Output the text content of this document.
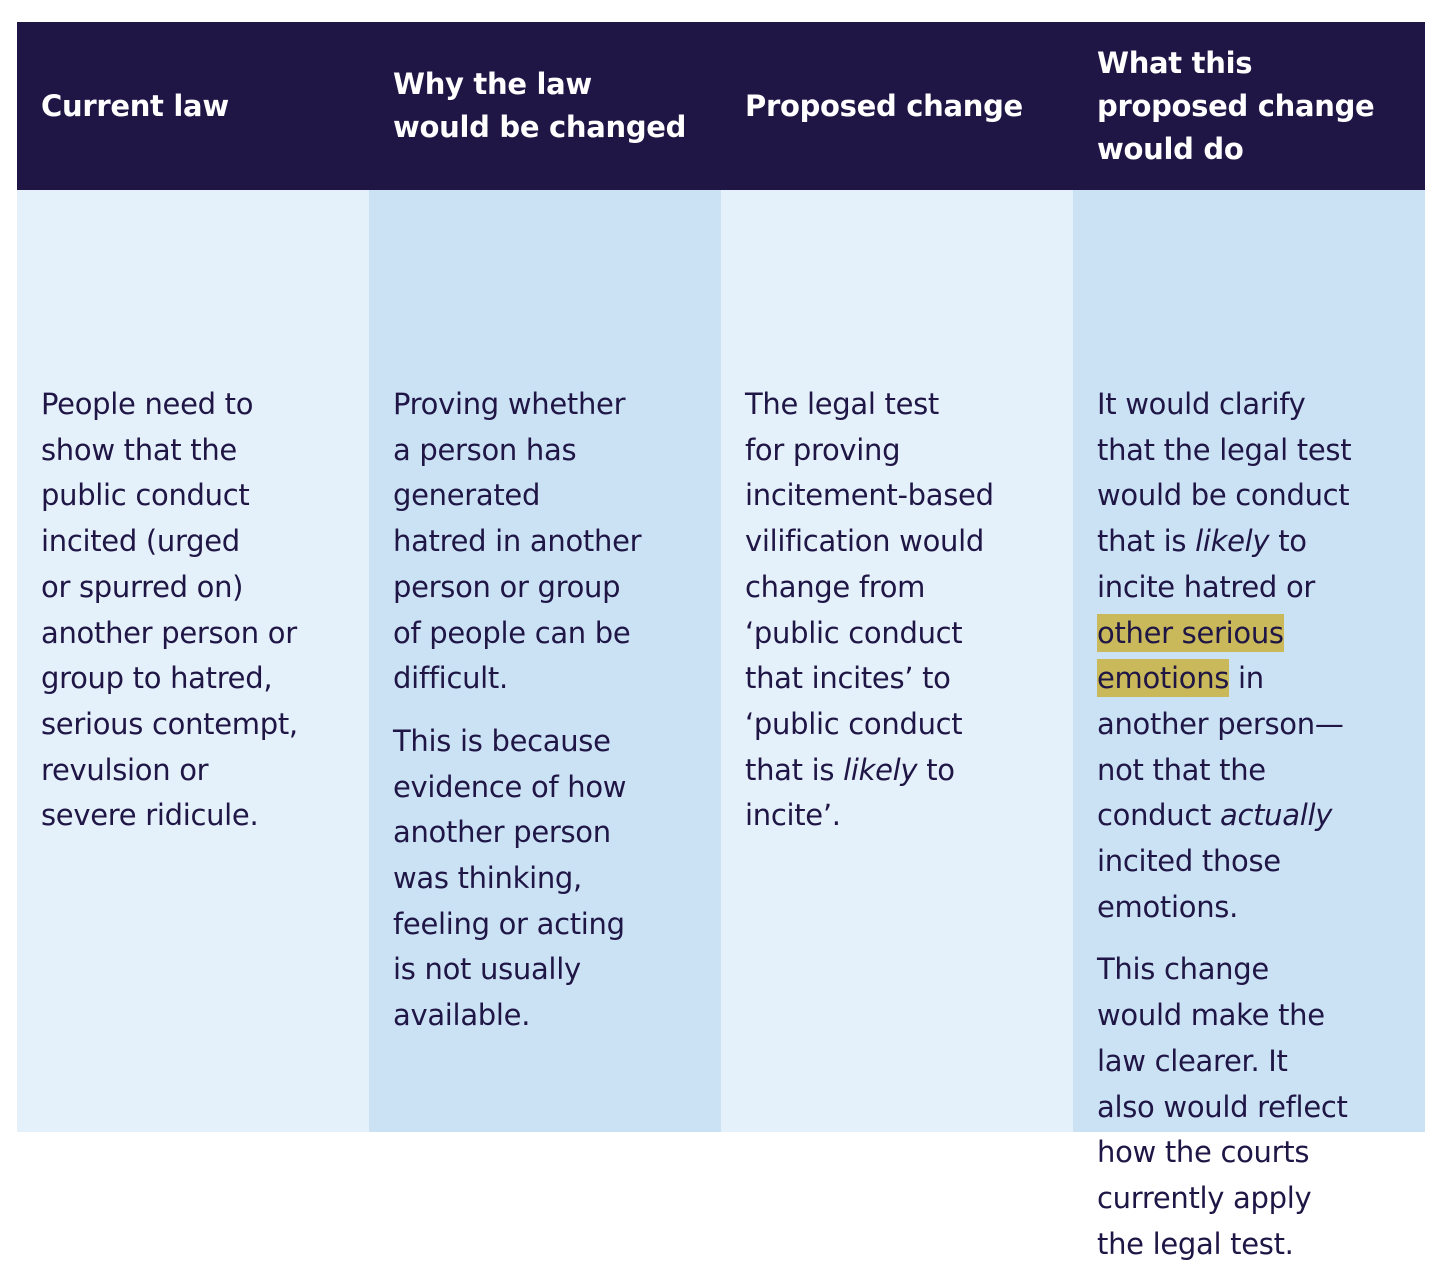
Current law
Why the law
would be changed
Proposed change
What this
proposed change
would do

People need to
show that the
public conduct
incited (urged
or spurred on)
another person or
group to hatred,
serious contempt,
revulsion or
severe ridicule.

Proving whether
a person has
generated
hatred in another
person or group
of people can be
difficult.

This is because
evidence of how
another person
was thinking,
feeling or acting
is not usually
available.

The legal test
for proving
incitement-based
vilification would
change from
‘public conduct
that incites’ to
‘public conduct
that is likely to
incite’.

It would clarify
that the legal test
would be conduct
that is likely to
incite hatred or
other serious
emotions in
another person—
not that the
conduct actually
incited those
emotions.

This change
would make the
law clearer. It
also would reflect
how the courts
currently apply
the legal test.
